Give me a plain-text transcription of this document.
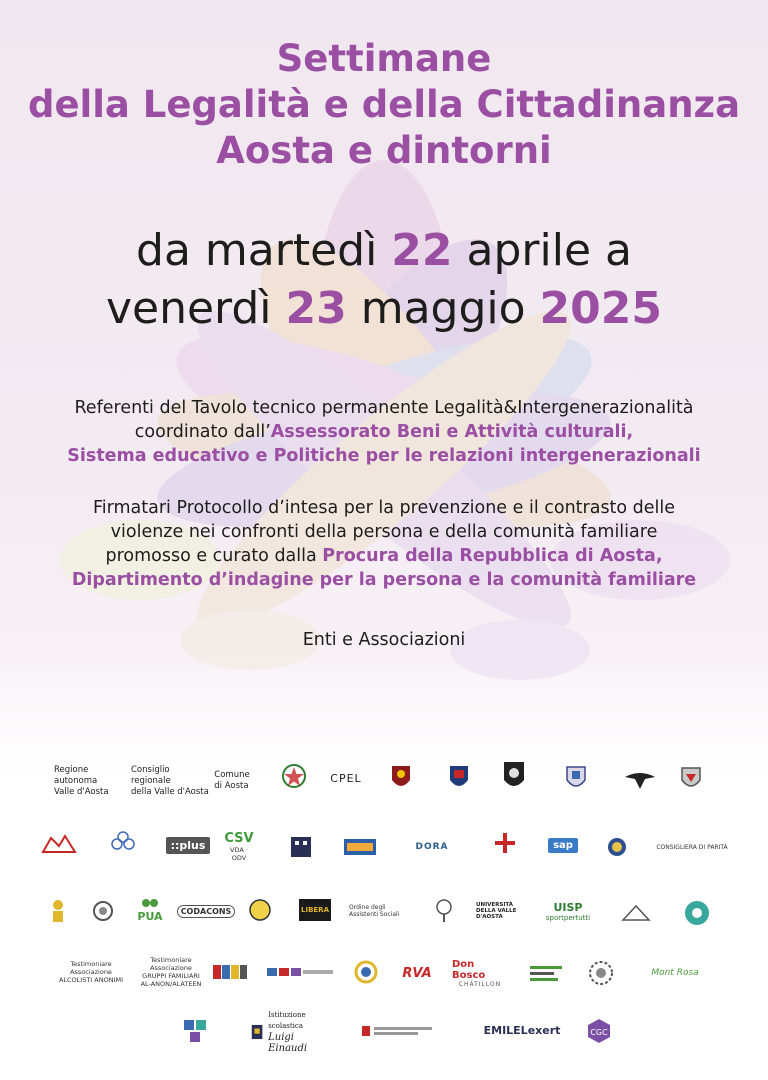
Settimane
della Legalità e della Cittadinanza
Aosta e dintorni
da martedì 22 aprile a
venerdì 23 maggio 2025
Referenti del Tavolo tecnico permanente Legalità&Intergenerazionalità
coordinato dall’Assessorato Beni e Attività culturali,
Sistema educativo e Politiche per le relazioni intergenerazionali
Firmatari Protocollo d’intesa per la prevenzione e il contrasto delle
violenze nei confronti della persona e della comunità familiare
promosso e curato dalla Procura della Repubblica di Aosta,
Dipartimento d’indagine per la persona e la comunità familiare
Enti e Associazioni
Regione autonoma
Valle d'Aosta
Consiglio regionale
della Valle d'Aosta
Comune
di Aosta
CPEL
::plus	CSV
VDA · ODV
DORA	sap	CONSIGLIERA DI PARITÀ
PUA	CODACONS	LIBERA	Ordine degli Assistenti Sociali
UNIVERSITÀ DELLA VALLE D'AOSTA
UISP
sportpertutti
Testimoniare Associazione
ALCOLISTI ANONIMI
Testimoniare Associazione
GRUPPI FAMILIARI
AL-ANON/ALATEEN
RVA
Don Bosco
CHÂTILLON
Mont Rosa
Istituzione scolastica
Luigi Einaudi
EMILELexert	CGC
